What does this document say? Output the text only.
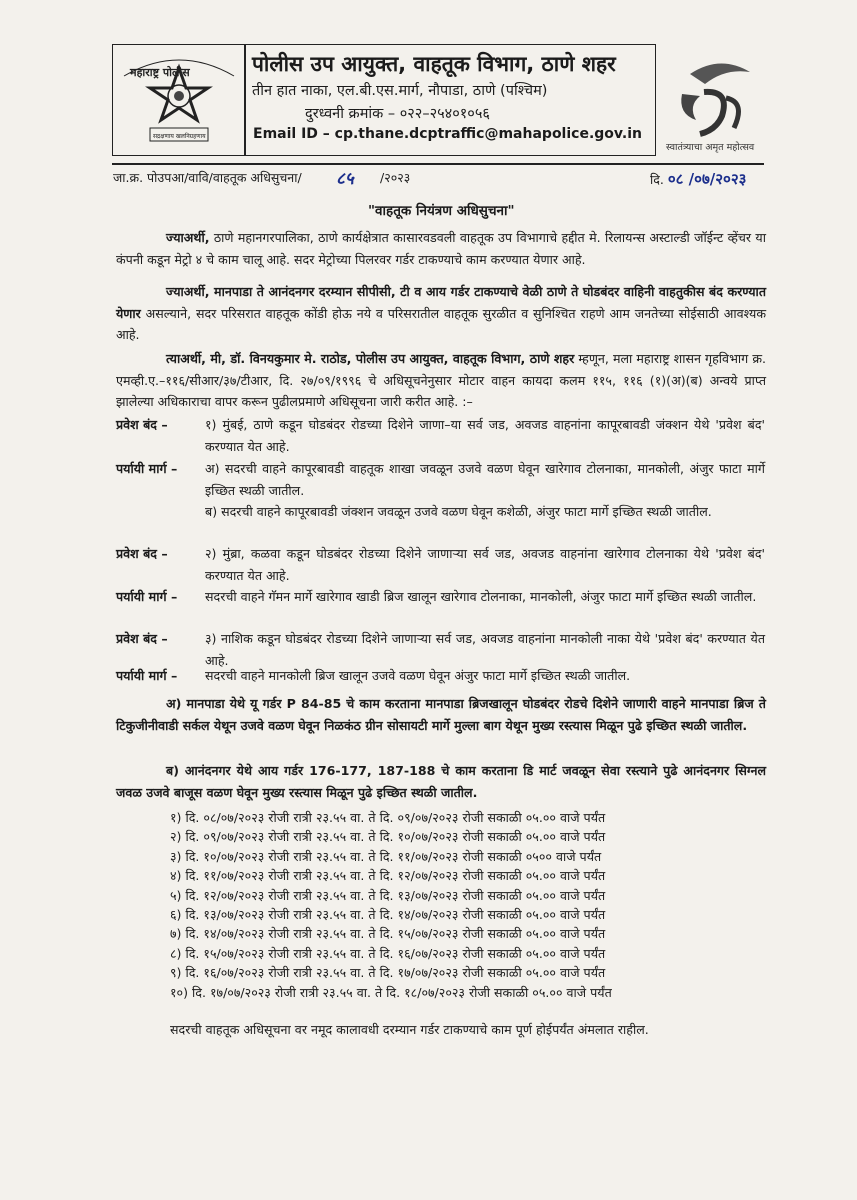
महाराष्ट्र पोलीस
सद्रक्षणाय खलनिग्रहणाय
पोलीस उप आयुक्त, वाहतूक विभाग, ठाणे शहर
तीन हात नाका, एल.बी.एस.मार्ग, नौपाडा, ठाणे (पश्चिम)
दुरध्वनी क्रमांक – ०२२–२५४०१०५६
Email ID – cp.thane.dcptraffic@mahapolice.gov.in
स्वातंत्र्याचा अमृत महोत्सव
जा.क्र. पोउपआ/वावि/वाहतूक अधिसुचना/ ८५ /२०२३	दि. ०८ /०७/२०२३
"वाहतूक नियंत्रण अधिसुचना"
ज्याअर्थी, ठाणे महानगरपालिका, ठाणे कार्यक्षेत्रात कासारवडवली वाहतूक उप विभागाचे हद्दीत मे. रिलायन्स अस्टाल्डी जॉईन्ट व्हेंचर या कंपनी कडून मेट्रो ४ चे काम चालू आहे. सदर मेट्रोच्या पिलरवर गर्डर टाकण्याचे काम करण्यात येणार आहे.
ज्याअर्थी, मानपाडा ते आनंदनगर दरम्यान सीपीसी, टी व आय गर्डर टाकण्याचे वेळी ठाणे ते घोडबंदर वाहिनी वाहतुकीस बंद करण्यात येणार असल्याने, सदर परिसरात वाहतूक कोंडी होऊ नये व परिसरातील वाहतूक सुरळीत व सुनिश्चित राहणे आम जनतेच्या सोईसाठी आवश्यक आहे.
त्याअर्थी, मी, डॉ. विनयकुमार मे. राठोड, पोलीस उप आयुक्त, वाहतूक विभाग, ठाणे शहर म्हणून, मला महाराष्ट्र शासन गृहविभाग क्र. एमव्ही.ए.–११६/सीआर/३७/टीआर, दि. २७/०९/१९९६ चे अधिसूचनेनुसार मोटार वाहन कायदा कलम ११५, ११६ (१)(अ)(ब) अन्वये प्राप्त झालेल्या अधिकाराचा वापर करून पुढीलप्रमाणे अधिसूचना जारी करीत आहे. :–
प्रवेश बंद –	१) मुंबई, ठाणे कडून घोडबंदर रोडच्या दिशेने जाणा–या सर्व जड, अवजड वाहनांना कापूरबावडी जंक्शन येथे 'प्रवेश बंद' करण्यात येत आहे.
पर्यायी मार्ग – अ) सदरची वाहने कापूरबावडी वाहतूक शाखा जवळून उजवे वळण घेवून खारेगाव टोलनाका, मानकोली, अंजुर फाटा मार्गे इच्छित स्थळी जातील.
ब) सदरची वाहने कापूरबावडी जंक्शन जवळून उजवे वळण घेवून कशेळी, अंजुर फाटा मार्गे इच्छित स्थळी जातील.
प्रवेश बंद –	२) मुंब्रा, कळवा कडून घोडबंदर रोडच्या दिशेने जाणाऱ्या सर्व जड, अवजड वाहनांना खारेगाव टोलनाका येथे 'प्रवेश बंद' करण्यात येत आहे.
पर्यायी मार्ग – सदरची वाहने गॅमन मार्गे खारेगाव खाडी ब्रिज खालून खारेगाव टोलनाका, मानकोली, अंजुर फाटा मार्गे इच्छित स्थळी जातील.
प्रवेश बंद –	३) नाशिक कडून घोडबंदर रोडच्या दिशेने जाणाऱ्या सर्व जड, अवजड वाहनांना मानकोली नाका येथे 'प्रवेश बंद' करण्यात येत आहे.
पर्यायी मार्ग – सदरची वाहने मानकोली ब्रिज खालून उजवे वळण घेवून अंजुर फाटा मार्गे इच्छित स्थळी जातील.
अ) मानपाडा येथे यू गर्डर P 84-85 चे काम करताना मानपाडा ब्रिजखालून घोडबंदर रोडचे दिशेने जाणारी वाहने मानपाडा ब्रिज ते टिकुजीनीवाडी सर्कल येथून उजवे वळण घेवून निळकंठ ग्रीन सोसायटी मार्गे मुल्ला बाग येथून मुख्य रस्त्यास मिळून पुढे इच्छित स्थळी जातील.
ब) आनंदनगर येथे आय गर्डर 176-177, 187-188 चे काम करताना डि मार्ट जवळून सेवा रस्त्याने पुढे आनंदनगर सिग्नल जवळ उजवे बाजूस वळण घेवून मुख्य रस्त्यास मिळून पुढे इच्छित स्थळी जातील.
१) दि. ०८/०७/२०२३ रोजी रात्री २३.५५ वा. ते दि. ०९/०७/२०२३ रोजी सकाळी ०५.०० वाजे पर्यंत
२) दि. ०९/०७/२०२३ रोजी रात्री २३.५५ वा. ते दि. १०/०७/२०२३ रोजी सकाळी ०५.०० वाजे पर्यंत
३) दि. १०/०७/२०२३ रोजी रात्री २३.५५ वा. ते दि. ११/०७/२०२३ रोजी सकाळी ०५०० वाजे पर्यंत
४) दि. ११/०७/२०२३ रोजी रात्री २३.५५ वा. ते दि. १२/०७/२०२३ रोजी सकाळी ०५.०० वाजे पर्यंत
५) दि. १२/०७/२०२३ रोजी रात्री २३.५५ वा. ते दि. १३/०७/२०२३ रोजी सकाळी ०५.०० वाजे पर्यंत
६) दि. १३/०७/२०२३ रोजी रात्री २३.५५ वा. ते दि. १४/०७/२०२३ रोजी सकाळी ०५.०० वाजे पर्यंत
७) दि. १४/०७/२०२३ रोजी रात्री २३.५५ वा. ते दि. १५/०७/२०२३ रोजी सकाळी ०५.०० वाजे पर्यंत
८) दि. १५/०७/२०२३ रोजी रात्री २३.५५ वा. ते दि. १६/०७/२०२३ रोजी सकाळी ०५.०० वाजे पर्यंत
९) दि. १६/०७/२०२३ रोजी रात्री २३.५५ वा. ते दि. १७/०७/२०२३ रोजी सकाळी ०५.०० वाजे पर्यंत
१०) दि. १७/०७/२०२३ रोजी रात्री २३.५५ वा. ते दि. १८/०७/२०२३ रोजी सकाळी ०५.०० वाजे पर्यंत
सदरची वाहतूक अधिसूचना वर नमूद कालावधी दरम्यान गर्डर टाकण्याचे काम पूर्ण होईपर्यंत अंमलात राहील.
